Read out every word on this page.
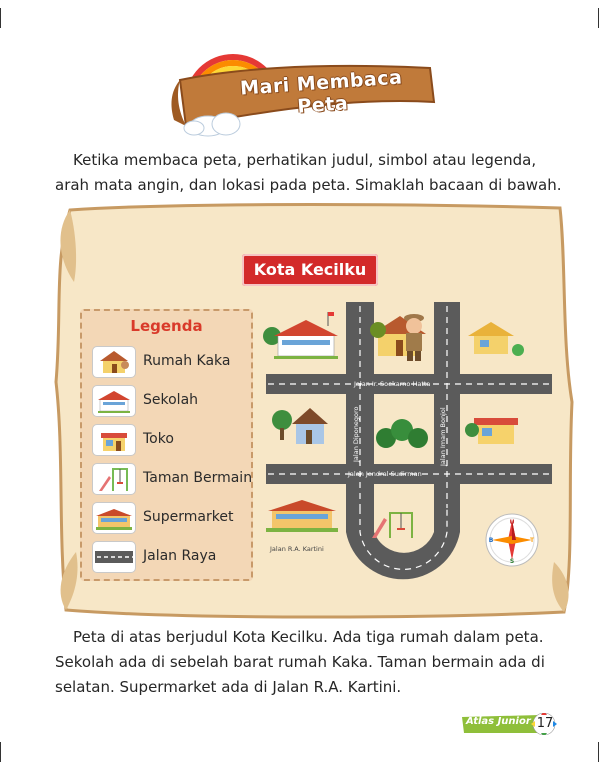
Mari Membaca Peta
Ketika membaca peta, perhatikan judul, simbol atau legenda,
arah mata angin, dan lokasi pada peta. Simaklah bacaan di bawah.
Kota Kecilku
Legenda
Rumah Kaka
Sekolah
Toko
Taman Bermain
Supermarket
Jalan Raya
Jalan Ir. Soekarno Hatta
Jalan Jendral Sudirman
Jalan Diponegoro	Jalan Imam Bonjol
Jalan R.A. Kartini
U
S
T
B
Peta di atas berjudul Kota Kecilku. Ada tiga rumah dalam peta.
Sekolah ada di sebelah barat rumah Kaka. Taman bermain ada di
selatan. Supermarket ada di Jalan R.A. Kartini.
Atlas Junior 17
